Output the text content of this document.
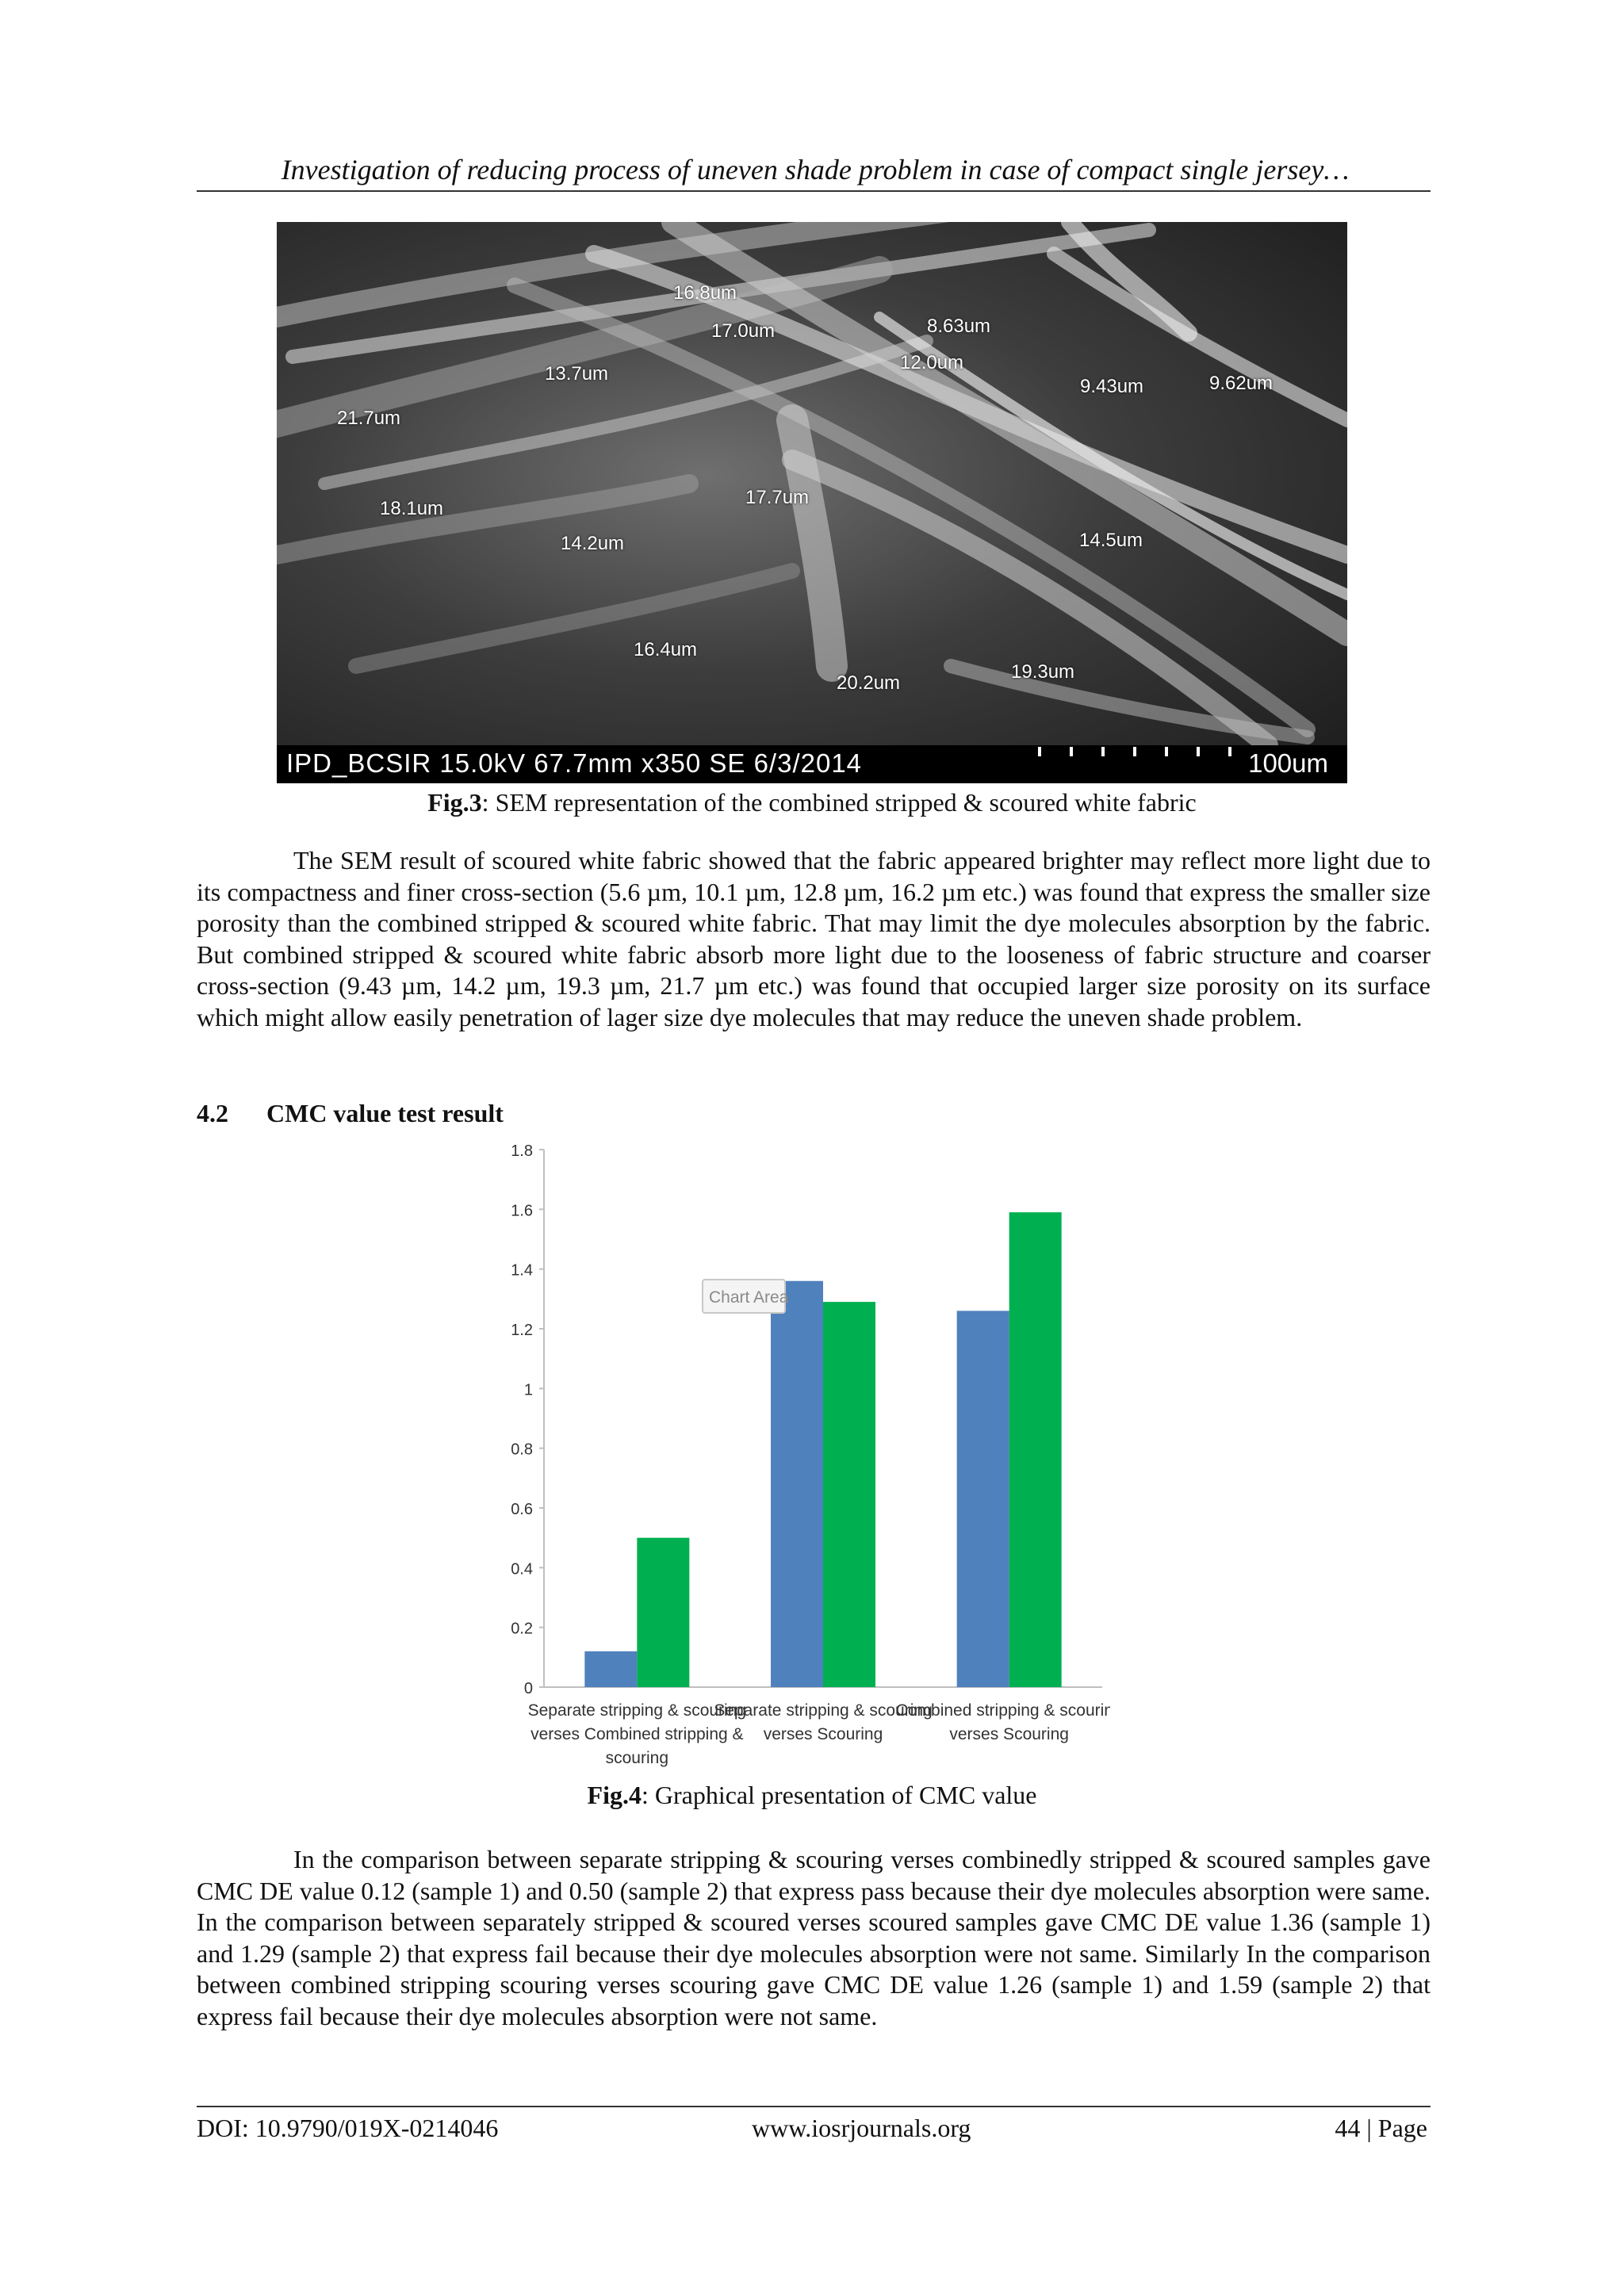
Investigation of reducing process of uneven shade problem in case of compact single jersey…
16.8um
17.0um	8.63um
12.0um
13.7um
9.43um	9.62um
21.7um
18.1um
14.2um
17.7um
14.5um
16.4um
20.2um
19.3um
IPD_BCSIR 15.0kV 67.7mm x350 SE 6/3/2014	100um
Fig.3: SEM representation of the combined stripped & scoured white fabric

The SEM result of scoured white fabric showed that the fabric appeared brighter may reflect more light due to its compactness and finer cross-section (5.6 µm, 10.1 µm, 12.8 µm, 16.2 µm etc.) was found that express the smaller size porosity than the combined stripped & scoured white fabric. That may limit the dye molecules absorption by the fabric. But combined stripped & scoured white fabric absorb more light due to the looseness of fabric structure and coarser cross-section (9.43 µm, 14.2 µm, 19.3 µm, 21.7 µm etc.) was found that occupied larger size porosity on its surface which might allow easily penetration of lager size dye molecules that may reduce the uneven shade problem.

4.2 CMC value test result
0
0.2
0.4
0.6
0.8
1
1.2
1.4
1.6
1.8
Separate stripping & scouring
verses Combined stripping &
scouring
Separate stripping & scouring
verses Scouring
Combined stripping & scouring
verses Scouring
Chart Area
Fig.4: Graphical presentation of CMC value

In the comparison between separate stripping & scouring verses combinedly stripped & scoured samples gave CMC DE value 0.12 (sample 1) and 0.50 (sample 2) that express pass because their dye molecules absorption were same. In the comparison between separately stripped & scoured verses scoured samples gave CMC DE value 1.36 (sample 1) and 1.29 (sample 2) that express fail because their dye molecules absorption were not same. Similarly In the comparison between combined stripping scouring verses scouring gave CMC DE value 1.26 (sample 1) and 1.59 (sample 2) that express fail because their dye molecules absorption were not same.

DOI: 10.9790/019X-0214046	www.iosrjournals.org	44 | Page
